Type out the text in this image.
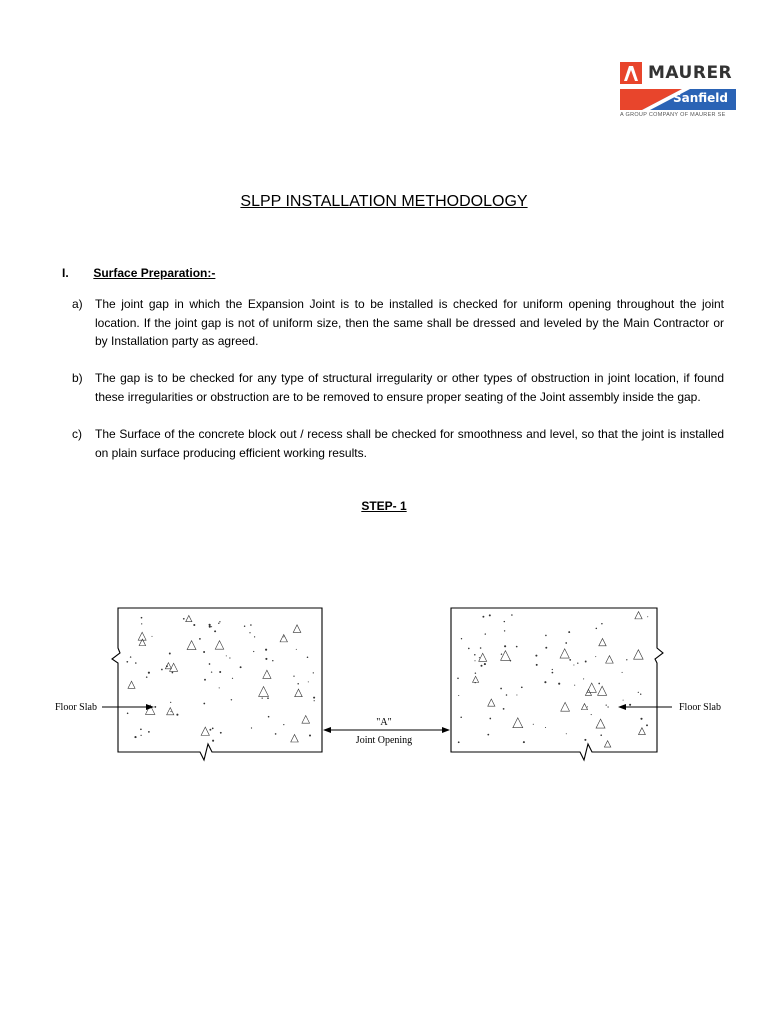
MAURER
Sanfield
A GROUP COMPANY OF MAURER SE
SLPP INSTALLATION METHODOLOGY
I. Surface Preparation:-
a)	The joint gap in which the Expansion Joint is to be installed is checked for uniform opening throughout the joint location. If the joint gap is not of uniform size, then the same shall be dressed and leveled by the Main Contractor or by Installation party as agreed.
b)	The gap is to be checked for any type of structural irregularity or other types of obstruction in joint location, if found these irregularities or obstruction are to be removed to ensure proper seating of the Joint assembly inside the gap.
c)	The Surface of the concrete block out / recess shall be checked for smoothness and level, so that the joint is installed on plain surface producing efficient working results.
STEP- 1
Floor Slab	Floor Slab
"A"
Joint Opening
